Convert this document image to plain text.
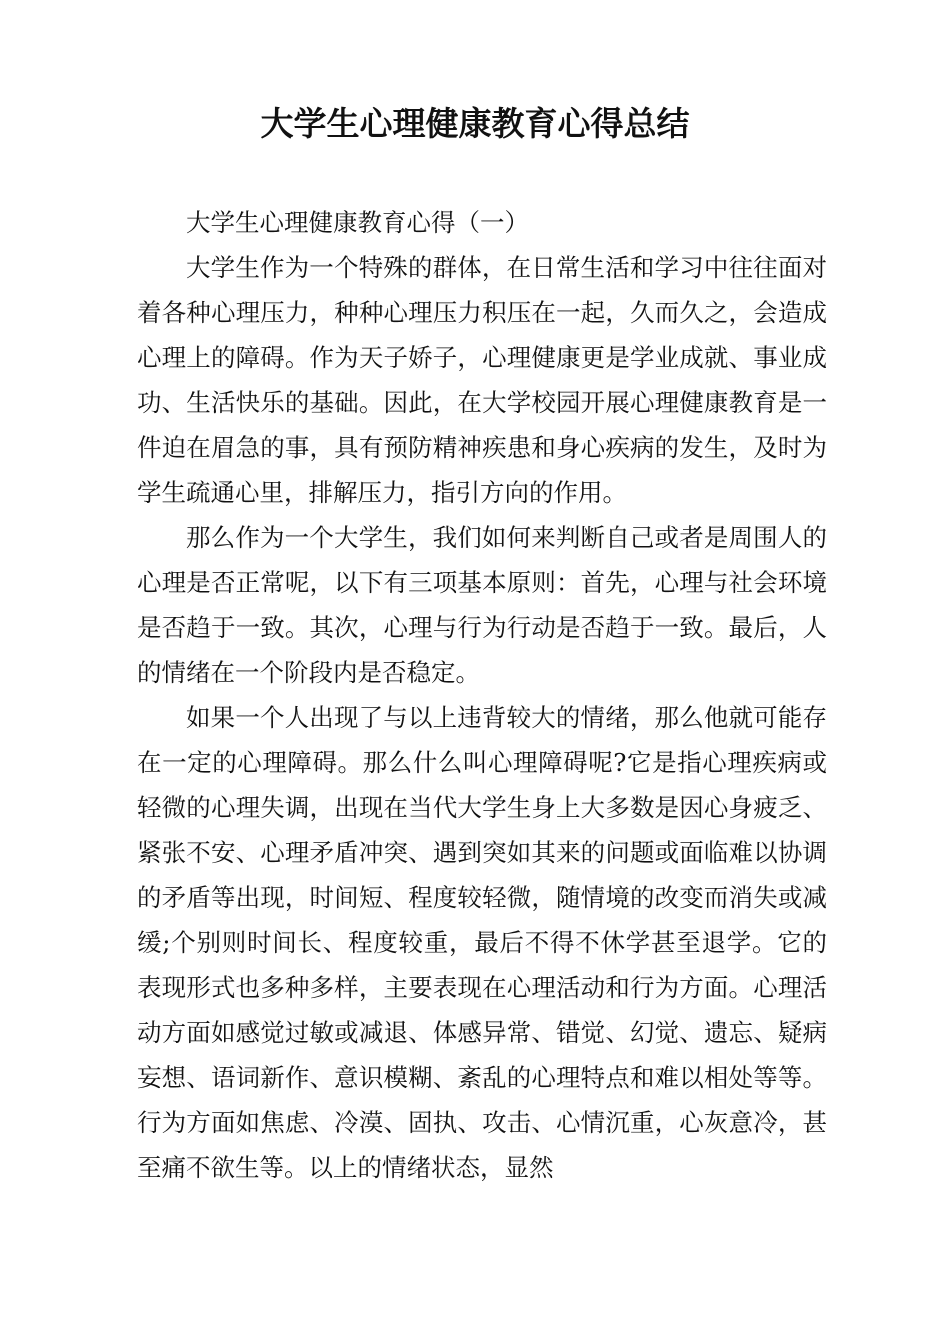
大学生心理健康教育心得总结

大学生心理健康教育心得（一）

大学生作为一个特殊的群体，在日常生活和学习中往往面对着各种心理压力，种种心理压力积压在一起，久而久之，会造成心理上的障碍。作为天子娇子，心理健康更是学业成就、事业成功、生活快乐的基础。因此，在大学校园开展心理健康教育是一件迫在眉急的事，具有预防精神疾患和身心疾病的发生，及时为学生疏通心里，排解压力，指引方向的作用。

那么作为一个大学生，我们如何来判断自己或者是周围人的心理是否正常呢，以下有三项基本原则：首先，心理与社会环境是否趋于一致。其次，心理与行为行动是否趋于一致。最后，人的情绪在一个阶段内是否稳定。

如果一个人出现了与以上违背较大的情绪，那么他就可能存在一定的心理障碍。那么什么叫心理障碍呢?它是指心理疾病或轻微的心理失调，出现在当代大学生身上大多数是因心身疲乏、紧张不安、心理矛盾冲突、遇到突如其来的问题或面临难以协调的矛盾等出现，时间短、程度较轻微，随情境的改变而消失或减缓;个别则时间长、程度较重，最后不得不休学甚至退学。它的表现形式也多种多样，主要表现在心理活动和行为方面。心理活动方面如感觉过敏或减退、体感异常、错觉、幻觉、遗忘、疑病妄想、语词新作、意识模糊、紊乱的心理特点和难以相处等等。行为方面如焦虑、冷漠、固执、攻击、心情沉重，心灰意冷，甚至痛不欲生等。以上的情绪状态，显然
